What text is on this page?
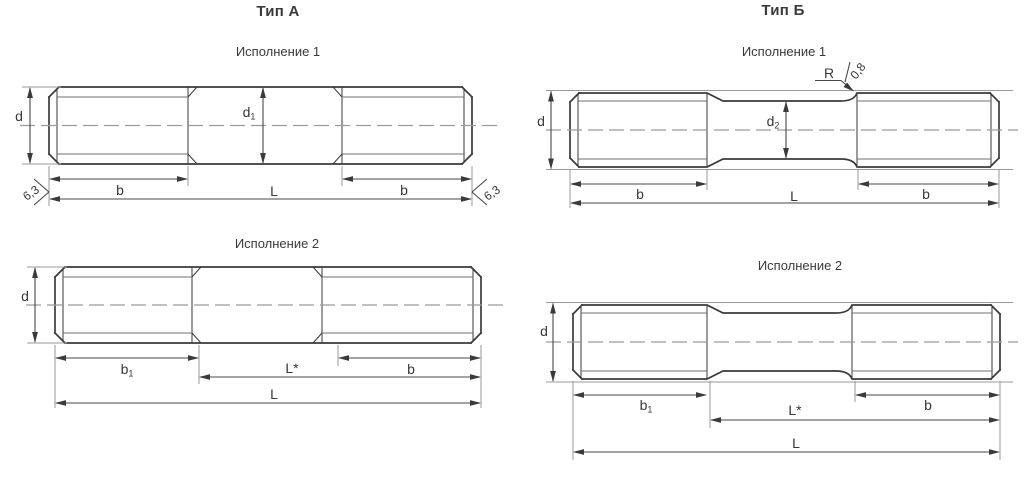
Тип А	Тип Б
Исполнение 1	Исполнение 1
Исполнение 2
Исполнение 2
d	$d_1$
b	b
L
6,3	6,3
d
$b_1$	b
L*
L
d	$d_2$
b	b
L
R 0,8
d
$b_1$	b
L*
L
